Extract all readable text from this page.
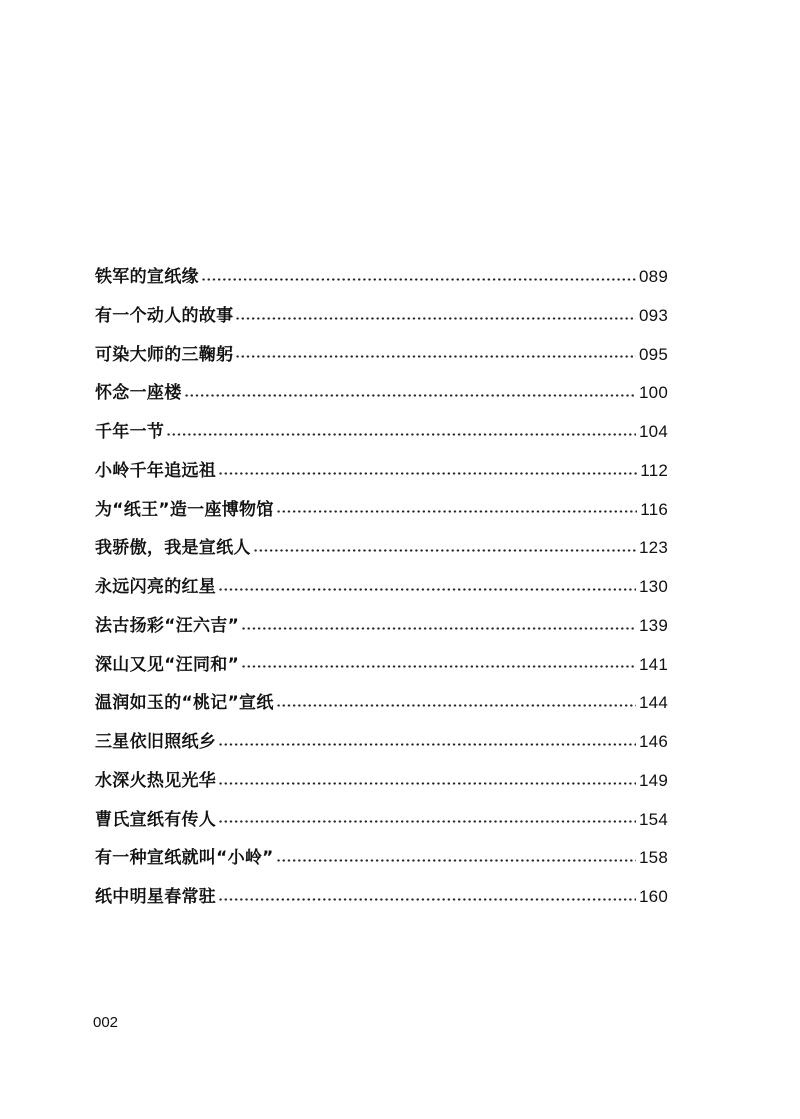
铁军的宣纸缘	089
有一个动人的故事	093
可染大师的三鞠躬	095
怀念一座楼	100
千年一节	104
小岭千年追远祖	112
为“纸王”造一座博物馆	116
我骄傲，我是宣纸人	123
永远闪亮的红星	130
法古扬彩“汪六吉”	139
深山又见“汪同和”	141
温润如玉的“桃记”宣纸	144
三星依旧照纸乡	146
水深火热见光华	149
曹氏宣纸有传人	154
有一种宣纸就叫“小岭”	158
纸中明星春常驻	160
002
